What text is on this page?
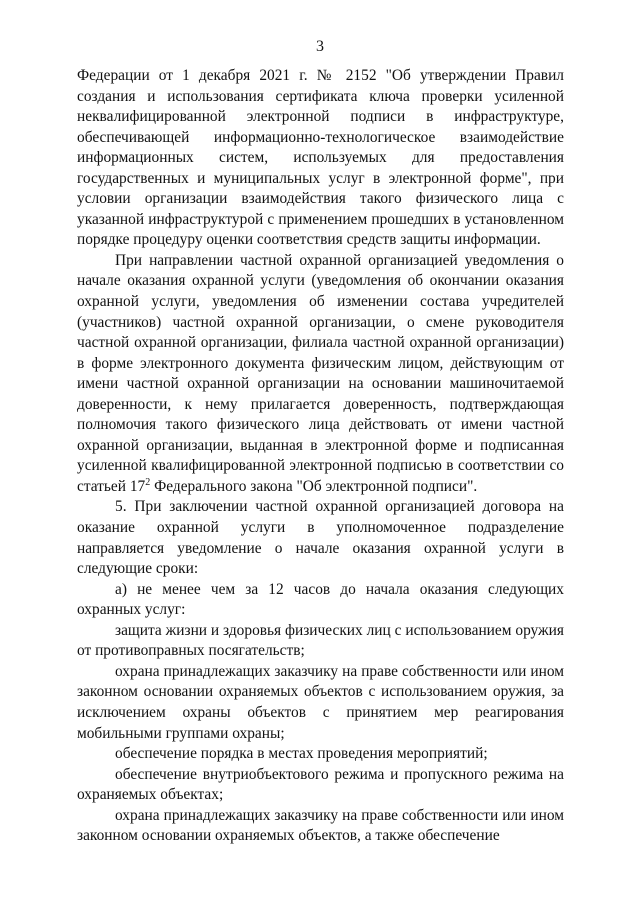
3

Федерации от 1 декабря 2021 г. № 2152 "Об утверждении Правил создания и использования сертификата ключа проверки усиленной неквалифицированной электронной подписи в инфраструктуре, обеспечивающей информационно-технологическое взаимодействие информационных систем, используемых для предоставления государственных и муниципальных услуг в электронной форме", при условии организации взаимодействия такого физического лица с указанной инфраструктурой с применением прошедших в установленном порядке процедуру оценки соответствия средств защиты информации.

При направлении частной охранной организацией уведомления о начале оказания охранной услуги (уведомления об окончании оказания охранной услуги, уведомления об изменении состава учредителей (участников) частной охранной организации, о смене руководителя частной охранной организации, филиала частной охранной организации) в форме электронного документа физическим лицом, действующим от имени частной охранной организации на основании машиночитаемой доверенности, к нему прилагается доверенность, подтверждающая полномочия такого физического лица действовать от имени частной охранной организации, выданная в электронной форме и подписанная усиленной квалифицированной электронной подписью в соответствии со статьей $17^2$ Федерального закона "Об электронной подписи".

5. При заключении частной охранной организацией договора на оказание охранной услуги в уполномоченное подразделение направляется уведомление о начале оказания охранной услуги в следующие сроки:

а) не менее чем за 12 часов до начала оказания следующих охранных услуг:

защита жизни и здоровья физических лиц с использованием оружия от противоправных посягательств;

охрана принадлежащих заказчику на праве собственности или ином законном основании охраняемых объектов с использованием оружия, за исключением охраны объектов с принятием мер реагирования мобильными группами охраны;

обеспечение порядка в местах проведения мероприятий;

обеспечение внутриобъектового режима и пропускного режима на охраняемых объектах;

охрана принадлежащих заказчику на праве собственности или ином законном основании охраняемых объектов, а также обеспечение
